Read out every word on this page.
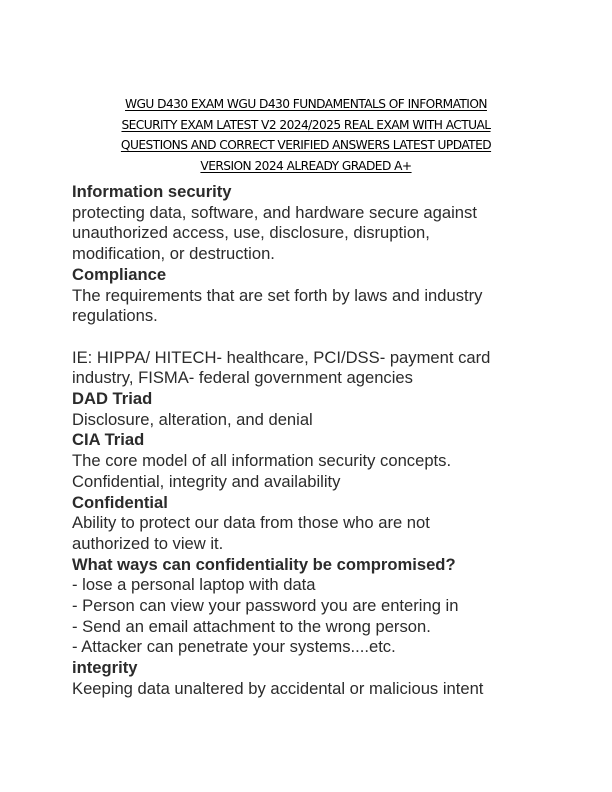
WGU D430 EXAM WGU D430 FUNDAMENTALS OF INFORMATION
SECURITY EXAM LATEST V2 2024/2025 REAL EXAM WITH ACTUAL
QUESTIONS AND CORRECT VERIFIED ANSWERS LATEST UPDATED
VERSION 2024 ALREADY GRADED A+
Information security
protecting data, software, and hardware secure against
unauthorized access, use, disclosure, disruption,
modification, or destruction.
Compliance
The requirements that are set forth by laws and industry
regulations.
IE: HIPPA/ HITECH- healthcare, PCI/DSS- payment card
industry, FISMA- federal government agencies
DAD Triad
Disclosure, alteration, and denial
CIA Triad
The core model of all information security concepts.
Confidential, integrity and availability
Confidential
Ability to protect our data from those who are not
authorized to view it.
What ways can confidentiality be compromised?
- lose a personal laptop with data
- Person can view your password you are entering in
- Send an email attachment to the wrong person.
- Attacker can penetrate your systems....etc.
integrity
Keeping data unaltered by accidental or malicious intent
